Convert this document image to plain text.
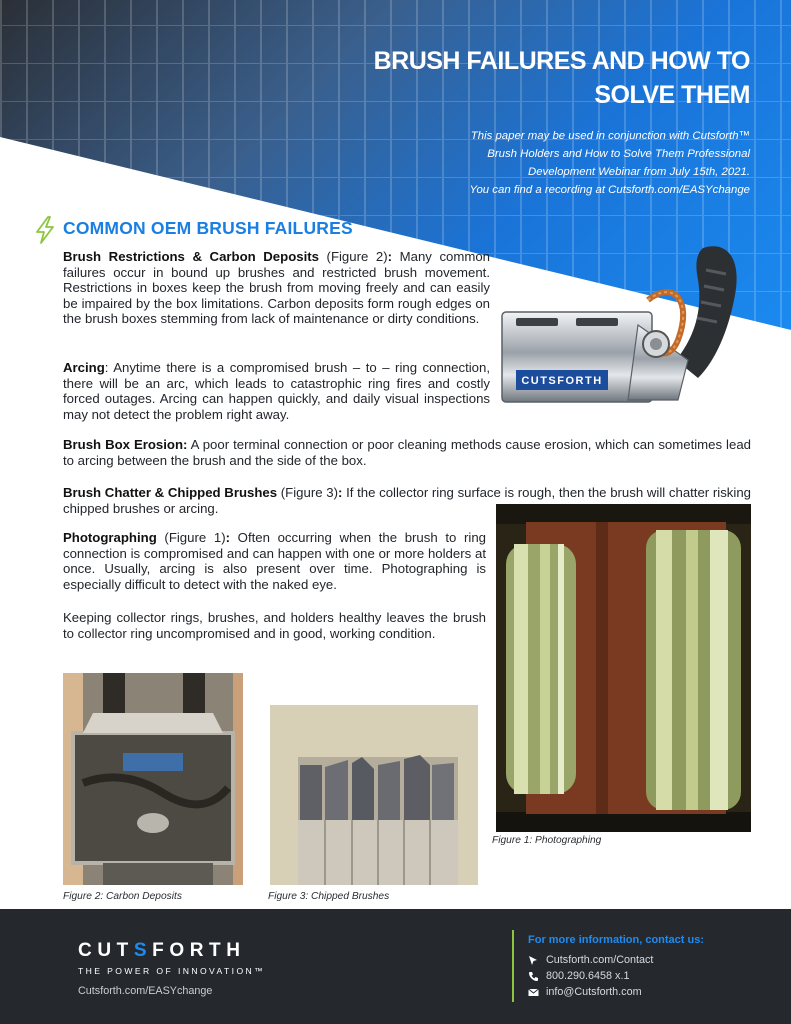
BRUSH FAILURES AND HOW TO
SOLVE THEM

This paper may be used in conjunction with Cutsforth™
Brush Holders and How to Solve Them Professional
Development Webinar from July 15th, 2021.
You can find a recording at Cutsforth.com/EASYchange

COMMON OEM BRUSH FAILURES

Brush Restrictions & Carbon Deposits (Figure 2): Many common failures occur in bound up brushes and restricted brush movement. Restrictions in boxes keep the brush from moving freely and can easily be impaired by the box limitations. Carbon deposits form rough edges on the brush boxes stemming from lack of maintenance or dirty conditions.

Arcing: Anytime there is a compromised brush – to – ring connection, there will be an arc, which leads to catastrophic ring fires and costly forced outages. Arcing can happen quickly, and daily visual inspections may not detect the problem right away.

Brush Box Erosion: A poor terminal connection or poor cleaning methods cause erosion, which can sometimes lead to arcing between the brush and the side of the box.

Brush Chatter & Chipped Brushes (Figure 3): If the collector ring surface is rough, then the brush will chatter risking chipped brushes or arcing.

Photographing (Figure 1): Often occurring when the brush to ring connection is compromised and can happen with one or more holders at once. Usually, arcing is also present over time. Photographing is especially difficult to detect with the naked eye.

Keeping collector rings, brushes, and holders healthy leaves the brush to collector ring uncompromised and in good, working condition.

CUTSFORTH

Figure 1: Photographing

Figure 2: Carbon Deposits	Figure 3: Chipped Brushes

CUTSFORTH

THE POWER OF INNOVATION™

Cutsforth.com/EASYchange

For more information, contact us:

Cutsforth.com/Contact

800.290.6458 x.1

info@Cutsforth.com
